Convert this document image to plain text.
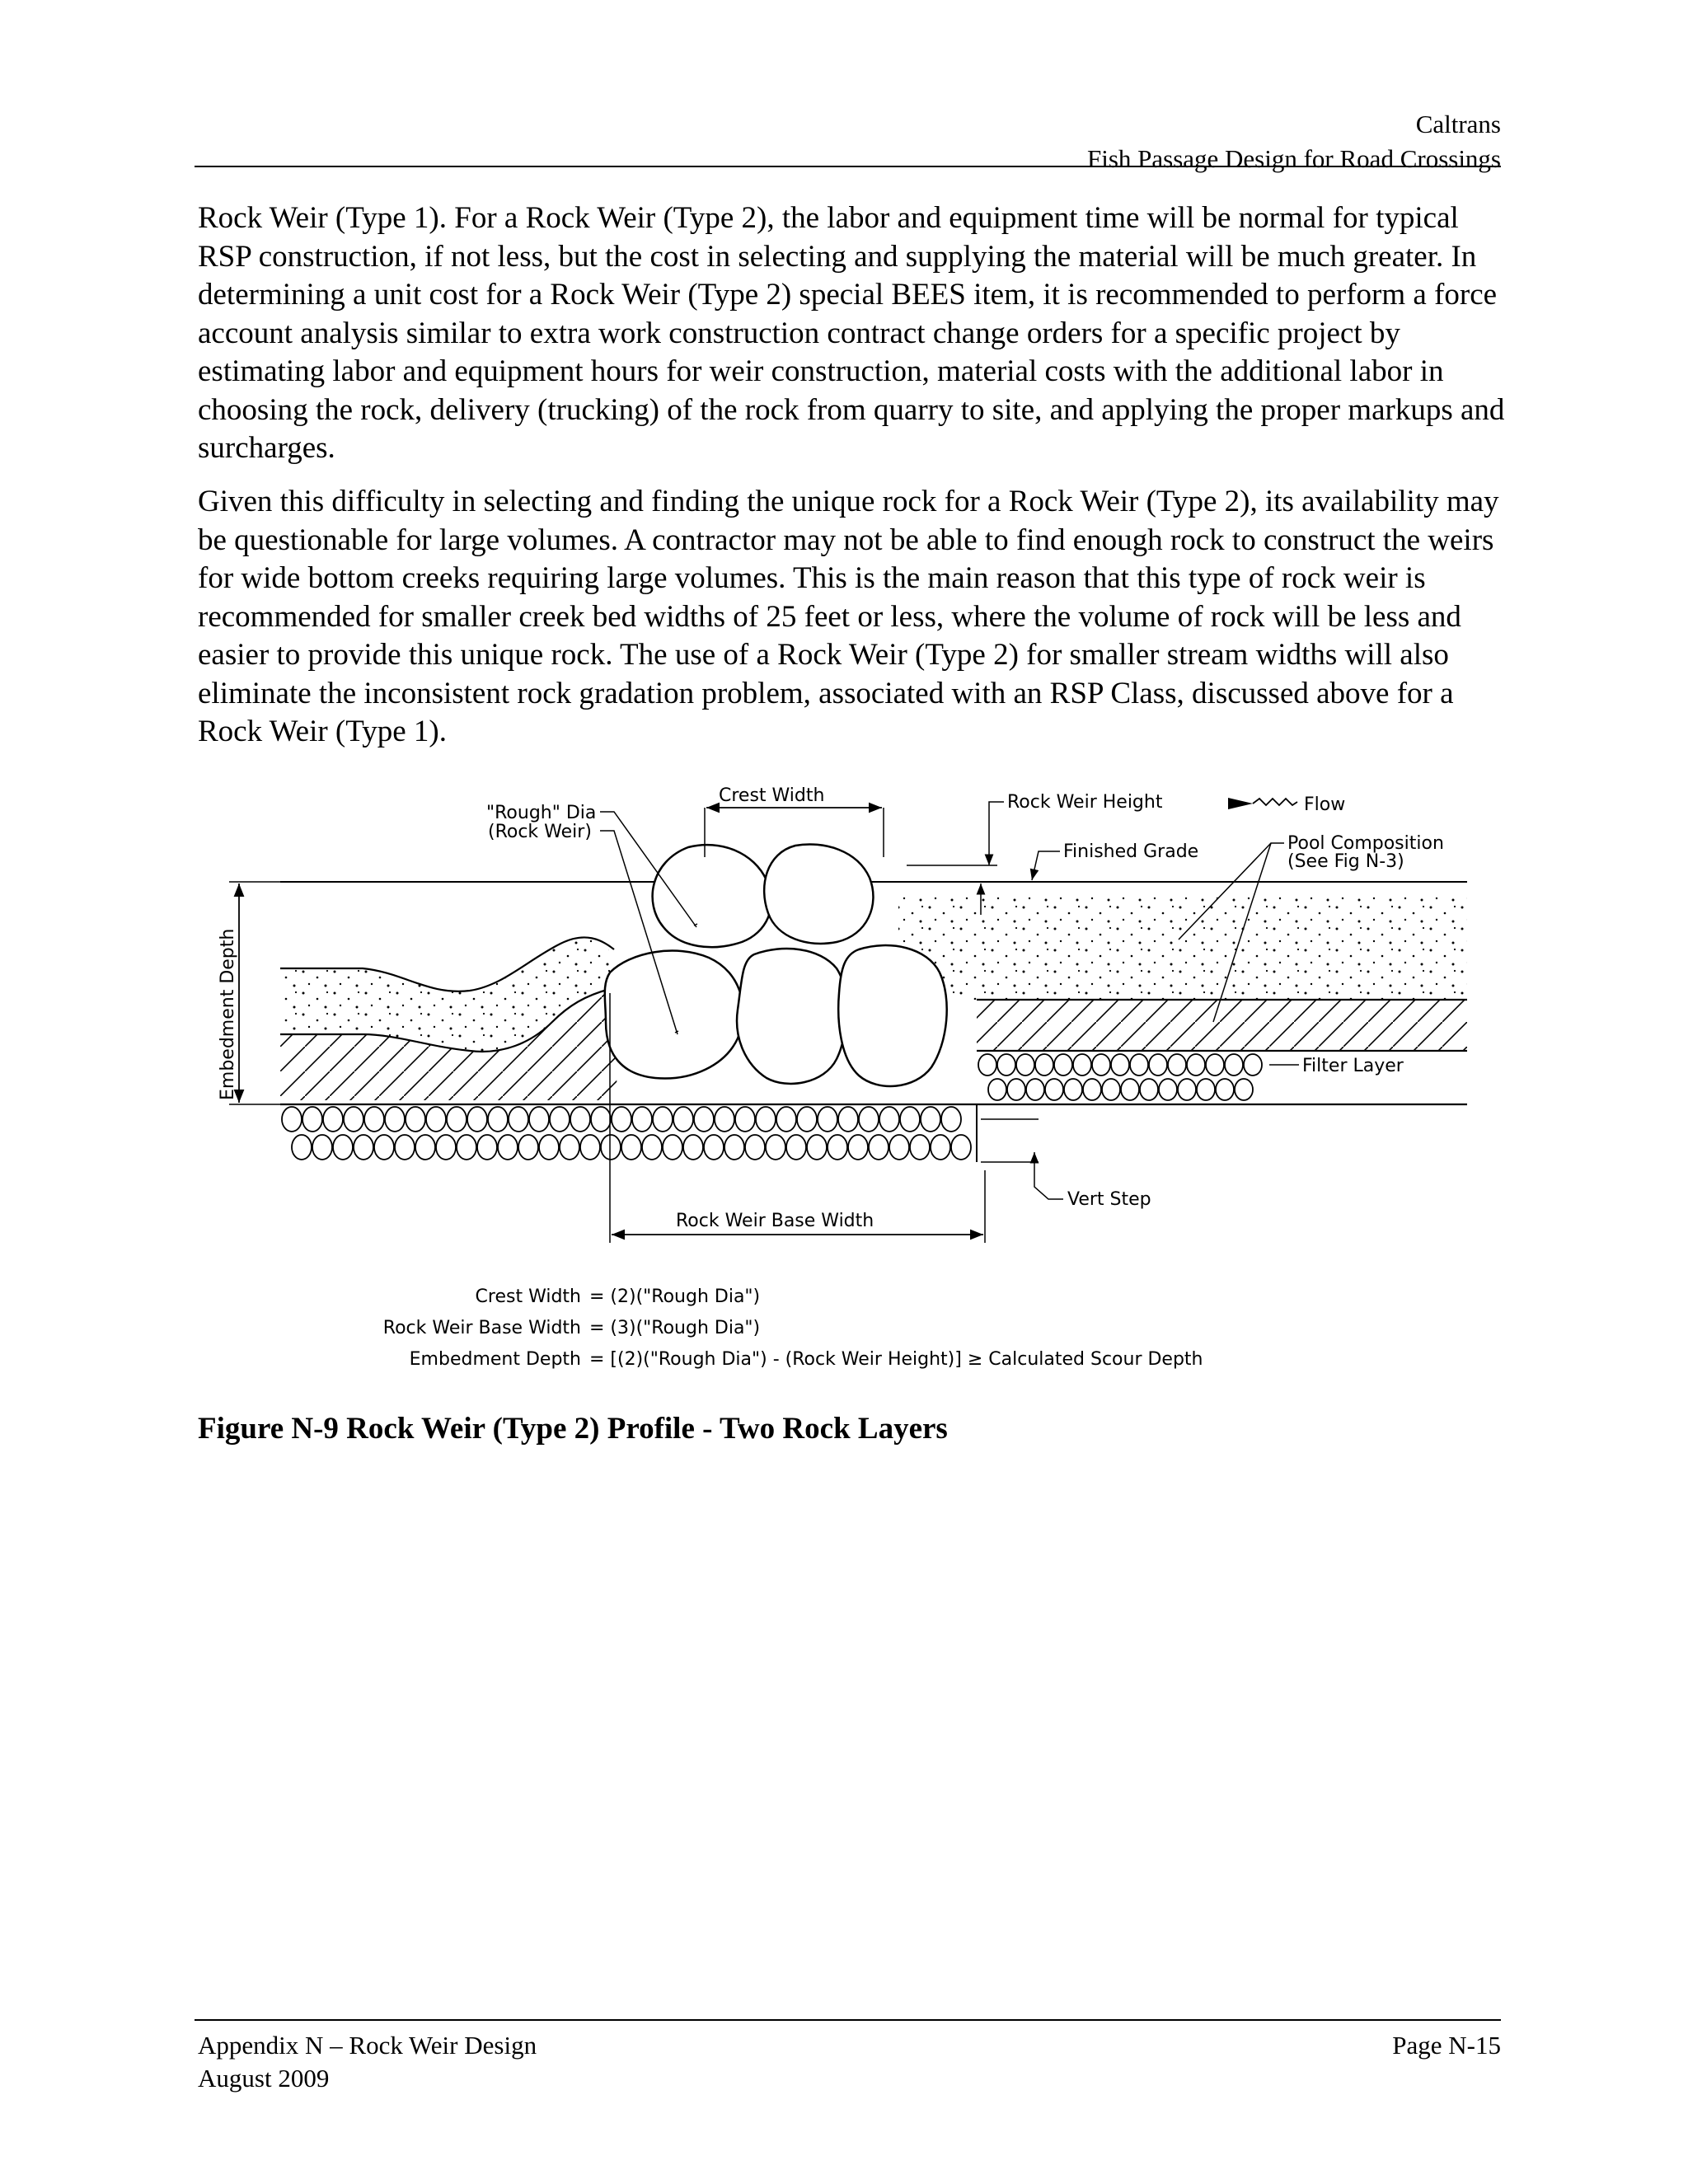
Caltrans
Fish Passage Design for Road Crossings

Rock Weir (Type 1). For a Rock Weir (Type 2), the labor and equipment time will be normal for typical RSP construction, if not less, but the cost in selecting and supplying the material will be much greater. In determining a unit cost for a Rock Weir (Type 2) special BEES item, it is recommended to perform a force account analysis similar to extra work construction contract change orders for a specific project by estimating labor and equipment hours for weir construction, material costs with the additional labor in choosing the rock, delivery (trucking) of the rock from quarry to site, and applying the proper markups and surcharges.

Given this difficulty in selecting and finding the unique rock for a Rock Weir (Type 2), its availability may be questionable for large volumes. A contractor may not be able to find enough rock to construct the weirs for wide bottom creeks requiring large volumes. This is the main reason that this type of rock weir is recommended for smaller creek bed widths of 25 feet or less, where the volume of rock will be less and easier to provide this unique rock. The use of a Rock Weir (Type 2) for smaller stream widths will also eliminate the inconsistent rock gradation problem, associated with an RSP Class, discussed above for a Rock Weir (Type 1).

Embedment Depth
Crest Width
"Rough" Dia
(Rock Weir)
Rock Weir Height	Flow
Finished Grade	Pool Composition
(See Fig N-3)
Filter Layer
Vert Step
Rock Weir Base Width
Crest Width = (2)("Rough Dia")
Rock Weir Base Width = (3)("Rough Dia")
Embedment Depth = [(2)("Rough Dia") - (Rock Weir Height)] ≥ Calculated Scour Depth
Figure N-9 Rock Weir (Type 2) Profile - Two Rock Layers
Appendix N – Rock Weir Design
August 2009
Page N-15
